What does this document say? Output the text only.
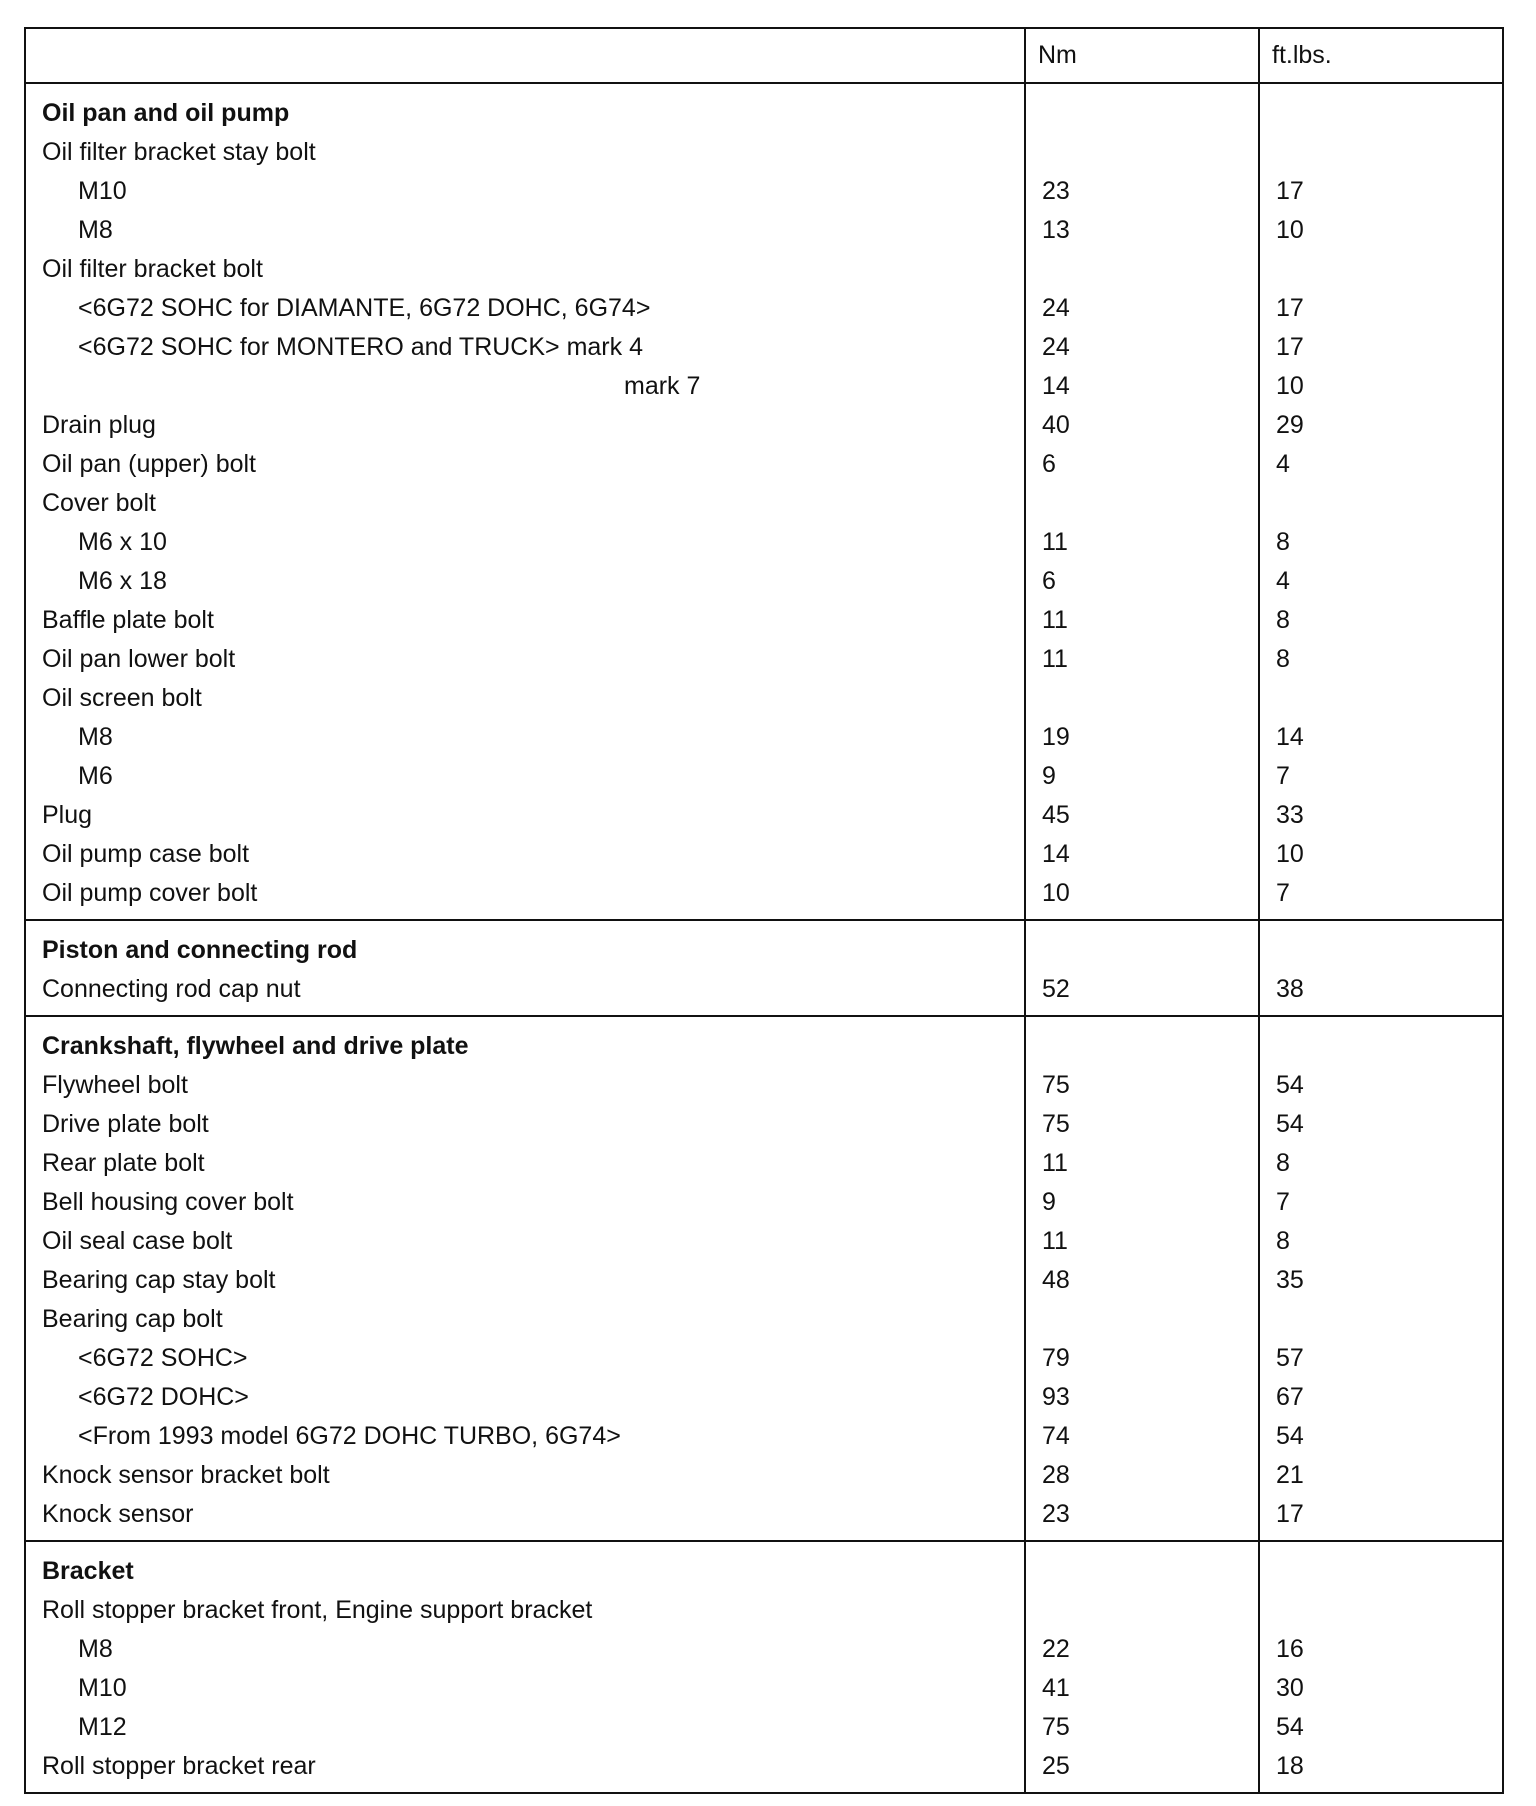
	Nm	ft.lbs.
Oil pan and oil pump		
Oil filter bracket stay bolt		
M10	23	17
M8	13	10
Oil filter bracket bolt		
<6G72 SOHC for DIAMANTE, 6G72 DOHC, 6G74>	24	17
<6G72 SOHC for MONTERO and TRUCK> mark 4	24	17
mark 7	14	10
Drain plug	40	29
Oil pan (upper) bolt	6	4
Cover bolt		
M6 x 10	11	8
M6 x 18	6	4
Baffle plate bolt	11	8
Oil pan lower bolt	11	8
Oil screen bolt		
M8	19	14
M6	9	7
Plug	45	33
Oil pump case bolt	14	10
Oil pump cover bolt	10	7
Piston and connecting rod		
Connecting rod cap nut	52	38
Crankshaft, flywheel and drive plate		
Flywheel bolt	75	54
Drive plate bolt	75	54
Rear plate bolt	11	8
Bell housing cover bolt	9	7
Oil seal case bolt	11	8
Bearing cap stay bolt	48	35
Bearing cap bolt		
<6G72 SOHC>	79	57
<6G72 DOHC>	93	67
<From 1993 model 6G72 DOHC TURBO, 6G74>	74	54
Knock sensor bracket bolt	28	21
Knock sensor	23	17
Bracket		
Roll stopper bracket front, Engine support bracket		
M8	22	16
M10	41	30
M12	75	54
Roll stopper bracket rear	25	18
